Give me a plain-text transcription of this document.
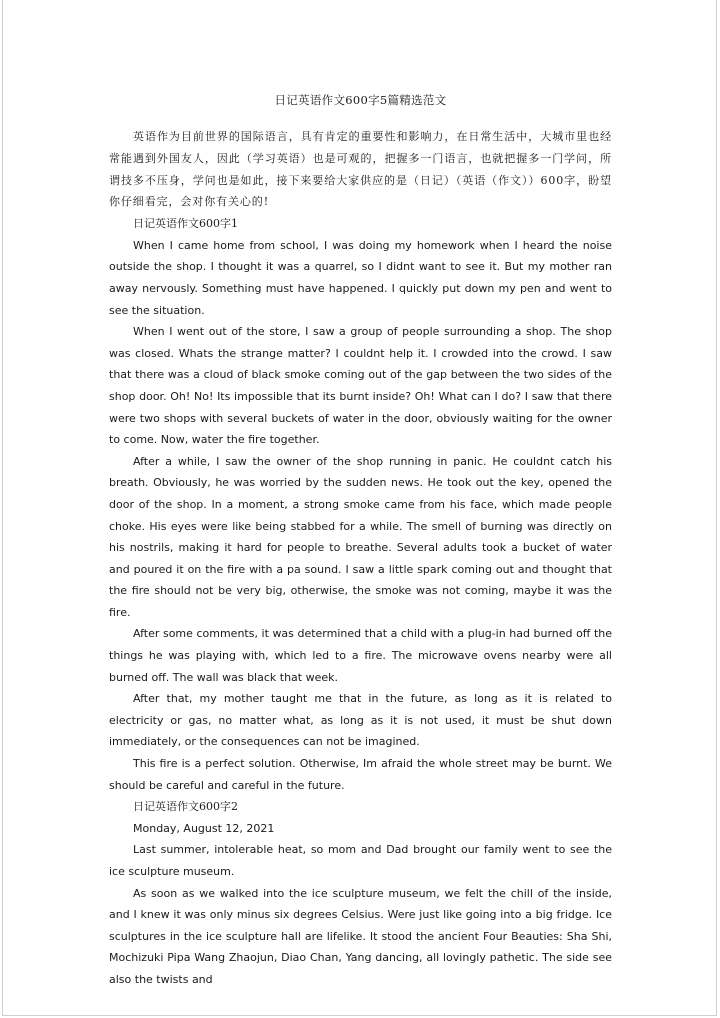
日记英语作文600字5篇精选范文

英语作为目前世界的国际语言，具有肯定的重要性和影响力，在日常生活中，大城市里也经常能遇到外国友人，因此（学习英语）也是可观的，把握多一门语言，也就把握多一门学问，所谓技多不压身，学问也是如此，接下来要给大家供应的是（日记）（英语（作文））600字，盼望你仔细看完，会对你有关心的!

日记英语作文600字1

When I came home from school, I was doing my homework when I heard the noise outside the shop. I thought it was a quarrel, so I didnt want to see it. But my mother ran away nervously. Something must have happened. I quickly put down my pen and went to see the situation.

When I went out of the store, I saw a group of people surrounding a shop. The shop was closed. Whats the strange matter? I couldnt help it. I crowded into the crowd. I saw that there was a cloud of black smoke coming out of the gap between the two sides of the shop door. Oh! No! Its impossible that its burnt inside? Oh! What can I do? I saw that there were two shops with several buckets of water in the door, obviously waiting for the owner to come. Now, water the fire together.

After a while, I saw the owner of the shop running in panic. He couldnt catch his breath. Obviously, he was worried by the sudden news. He took out the key, opened the door of the shop. In a moment, a strong smoke came from his face, which made people choke. His eyes were like being stabbed for a while. The smell of burning was directly on his nostrils, making it hard for people to breathe. Several adults took a bucket of water and poured it on the fire with a pa sound. I saw a little spark coming out and thought that the fire should not be very big, otherwise, the smoke was not coming, maybe it was the fire.

After some comments, it was determined that a child with a plug-in had burned off the things he was playing with, which led to a fire. The microwave ovens nearby were all burned off. The wall was black that week.

After that, my mother taught me that in the future, as long as it is related to electricity or gas, no matter what, as long as it is not used, it must be shut down immediately, or the consequences can not be imagined.

This fire is a perfect solution. Otherwise, Im afraid the whole street may be burnt. We should be careful and careful in the future.

日记英语作文600字2

Monday, August 12, 2021

Last summer, intolerable heat, so mom and Dad brought our family went to see the ice sculpture museum.

As soon as we walked into the ice sculpture museum, we felt the chill of the inside, and I knew it was only minus six degrees Celsius. Were just like going into a big fridge. Ice sculptures in the ice sculpture hall are lifelike. It stood the ancient Four Beauties: Sha Shi, Mochizuki Pipa Wang Zhaojun, Diao Chan, Yang dancing, all lovingly pathetic. The side see also the twists and
